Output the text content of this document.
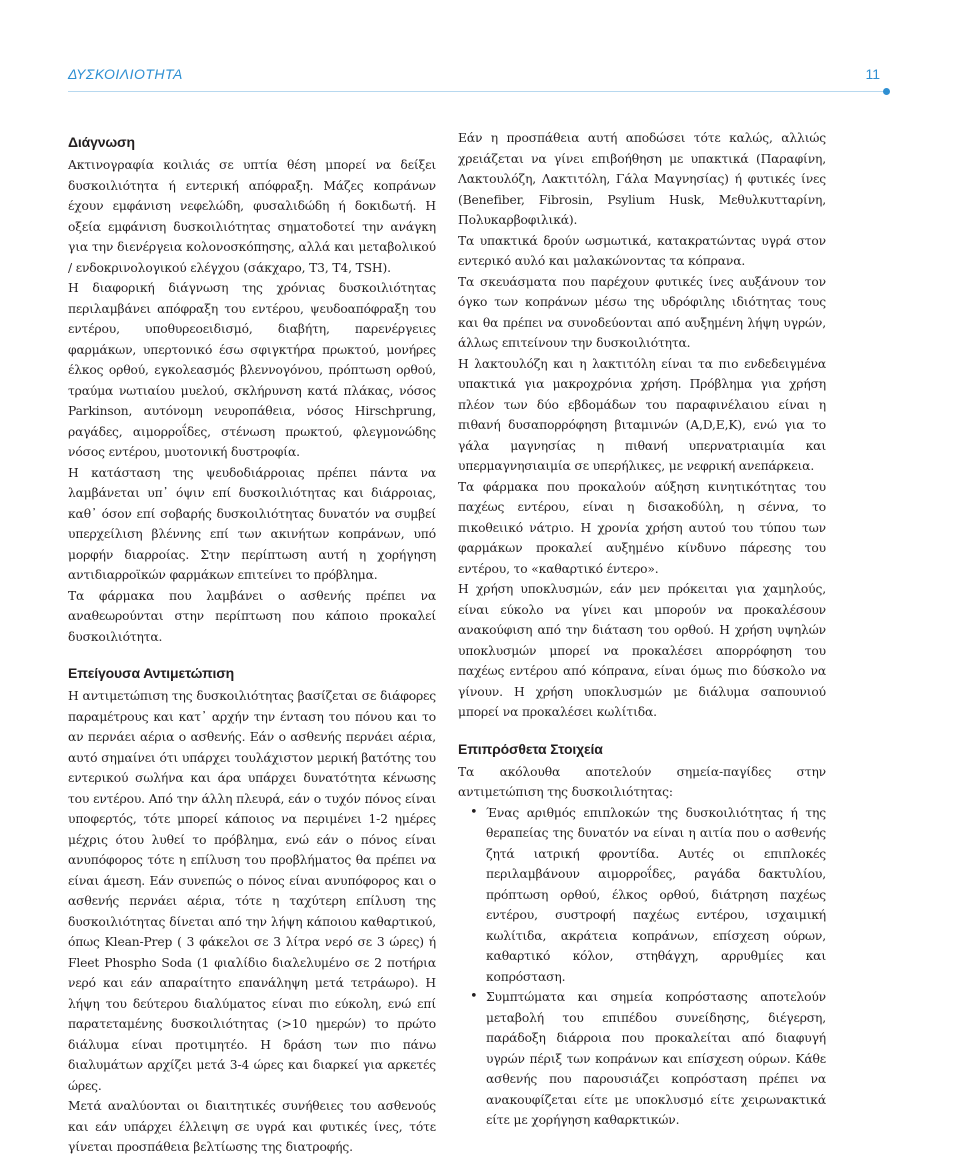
ΔΥΣΚΟΙΛΙΟΤΗΤΑ	11
Διάγνωση

Ακτινογραφία κοιλιάς σε υπτία θέση μπορεί να δείξει δυσκοιλιότητα ή εντερική απόφραξη. Μάζες κοπράνων έχουν εμφάνιση νεφελώδη, φυσαλιδώδη ή δοκιδωτή. Η οξεία εμφάνιση δυσκοιλιότητας σηματοδοτεί την ανάγκη για την διενέργεια κολονοσκόπησης, αλλά και μεταβολικού / ενδοκρινολογικού ελέγχου (σάκχαρο, Τ3, Τ4, TSH).

Η διαφορική διάγνωση της χρόνιας δυσκοιλιότητας περιλαμβάνει απόφραξη του εντέρου, ψευδοαπόφραξη του εντέρου, υποθυρεοειδισμό, διαβήτη, παρενέργειες φαρμάκων, υπερτονικό έσω σφιγκτήρα πρωκτού, μονήρες έλκος ορθού, εγκολεασμός βλεννογόνου, πρόπτωση ορθού, τραύμα νωτιαίου μυελού, σκλήρυνση κατά πλάκας, νόσος Parkinson, αυτόνομη νευροπάθεια, νόσος Hirschprung, ραγάδες, αιμορροΐδες, στένωση πρωκτού, φλεγμονώδης νόσος εντέρου, μυοτονική δυστροφία.

Η κατάσταση της ψευδοδιάρροιας πρέπει πάντα να λαμβάνεται υπ᾽ όψιν επί δυσκοιλιότητας και διάρροιας, καθ᾽ όσον επί σοβαρής δυσκοιλιότητας δυνατόν να συμβεί υπερχείλιση βλέννης επί των ακινήτων κοπράνων, υπό μορφήν διαρροίας. Στην περίπτωση αυτή η χορήγηση αντιδιαρροϊκών φαρμάκων επιτείνει το πρόβλημα.

Τα φάρμακα που λαμβάνει ο ασθενής πρέπει να αναθεωρούνται στην περίπτωση που κάποιο προκαλεί δυσκοιλιότητα.

Επείγουσα Αντιμετώπιση

Η αντιμετώπιση της δυσκοιλιότητας βασίζεται σε διάφορες παραμέτρους και κατ᾽ αρχήν την ένταση του πόνου και το αν περνάει αέρια ο ασθενής. Εάν ο ασθενής περνάει αέρια, αυτό σημαίνει ότι υπάρχει τουλάχιστον μερική βατότης του εντερικού σωλήνα και άρα υπάρχει δυνατότητα κένωσης του εντέρου. Από την άλλη πλευρά, εάν ο τυχόν πόνος είναι υποφερτός, τότε μπορεί κάποιος να περιμένει 1-2 ημέρες μέχρις ότου λυθεί το πρόβλημα, ενώ εάν ο πόνος είναι ανυπόφορος τότε η επίλυση του προβλήματος θα πρέπει να είναι άμεση. Εάν συνεπώς ο πόνος είναι ανυπόφορος και ο ασθενής περνάει αέρια, τότε η ταχύτερη επίλυση της δυσκοιλιότητας δίνεται από την λήψη κάποιου καθαρτικού, όπως Klean-Prep ( 3 φάκελοι σε 3 λίτρα νερό σε 3 ώρες) ή Fleet Phospho Soda (1 φιαλίδιο διαλελυμένο σε 2 ποτήρια νερό και εάν απαραίτητο επανάληψη μετά τετράωρο). Η λήψη του δεύτερου διαλύματος είναι πιο εύκολη, ενώ επί παρατεταμένης δυσκοιλιότητας (>10 ημερών) το πρώτο διάλυμα είναι προτιμητέο. Η δράση των πιο πάνω διαλυμάτων αρχίζει μετά 3-4 ώρες και διαρκεί για αρκετές ώρες.

Μετά αναλύονται οι διαιτητικές συνήθειες του ασθενούς και εάν υπάρχει έλλειψη σε υγρά και φυτικές ίνες, τότε γίνεται προσπάθεια βελτίωσης της διατροφής.

Εάν η προσπάθεια αυτή αποδώσει τότε καλώς, αλλιώς χρειάζεται να γίνει επιβοήθηση με υπακτικά (Παραφίνη, Λακτουλόζη, Λακτιτόλη, Γάλα Μαγνησίας) ή φυτικές ίνες (Benefiber, Fibrosin, Psylium Husk, Μεθυλκυτταρίνη, Πολυκαρβοφιλικά).

Τα υπακτικά δρούν ωσμωτικά, κατακρατώντας υγρά στον εντερικό αυλό και μαλακώνοντας τα κόπρανα.

Τα σκευάσματα που παρέχουν φυτικές ίνες αυξάνουν τον όγκο των κοπράνων μέσω της υδρόφιλης ιδιότητας τους και θα πρέπει να συνοδεύονται από αυξημένη λήψη υγρών, άλλως επιτείνουν την δυσκοιλιότητα.

Η λακτουλόζη και η λακτιτόλη είναι τα πιο ενδεδειγμένα υπακτικά για μακροχρόνια χρήση. Πρόβλημα για χρήση πλέον των δύο εβδομάδων του παραφινέλαιου είναι η πιθανή δυσαπορρόφηση βιταμινών (A,D,E,K), ενώ για το γάλα μαγνησίας η πιθανή υπερνατριαιμία και υπερμαγνησιαιμία σε υπερήλικες, με νεφρική ανεπάρκεια.

Τα φάρμακα που προκαλούν αύξηση κινητικότητας του παχέως εντέρου, είναι η δισακοδύλη, η σέννα, το πικοθειικό νάτριο. Η χρονία χρήση αυτού του τύπου των φαρμάκων προκαλεί αυξημένο κίνδυνο πάρεσης του εντέρου, το «καθαρτικό έντερο».

Η χρήση υποκλυσμών, εάν μεν πρόκειται για χαμηλούς, είναι εύκολο να γίνει και μπορούν να προκαλέσουν ανακούφιση από την διάταση του ορθού. Η χρήση υψηλών υποκλυσμών μπορεί να προκαλέσει απορρόφηση του παχέως εντέρου από κόπρανα, είναι όμως πιο δύσκολο να γίνουν. Η χρήση υποκλυσμών με διάλυμα σαπουνιού μπορεί να προκαλέσει κωλίτιδα.

Επιπρόσθετα Στοιχεία

Τα ακόλουθα αποτελούν σημεία-παγίδες στην αντιμετώπιση της δυσκοιλιότητας:

• Ένας αριθμός επιπλοκών της δυσκοιλιότητας ή της θεραπείας της δυνατόν να είναι η αιτία που ο ασθενής ζητά ιατρική φροντίδα. Αυτές οι επιπλοκές περιλαμβάνουν αιμορροΐδες, ραγάδα δακτυλίου, πρόπτωση ορθού, έλκος ορθού, διάτρηση παχέως εντέρου, συστροφή παχέως εντέρου, ισχαιμική κωλίτιδα, ακράτεια κοπράνων, επίσχεση ούρων, καθαρτικό κόλον, στηθάγχη, αρρυθμίες και κοπρόσταση.
• Συμπτώματα και σημεία κοπρόστασης αποτελούν μεταβολή του επιπέδου συνείδησης, διέγερση, παράδοξη διάρροια που προκαλείται από διαφυγή υγρών πέριξ των κοπράνων και επίσχεση ούρων. Κάθε ασθενής που παρουσιάζει κοπρόσταση πρέπει να ανακουφίζεται είτε με υποκλυσμό είτε χειρωνακτικά είτε με χορήγηση καθαρκτικών.
